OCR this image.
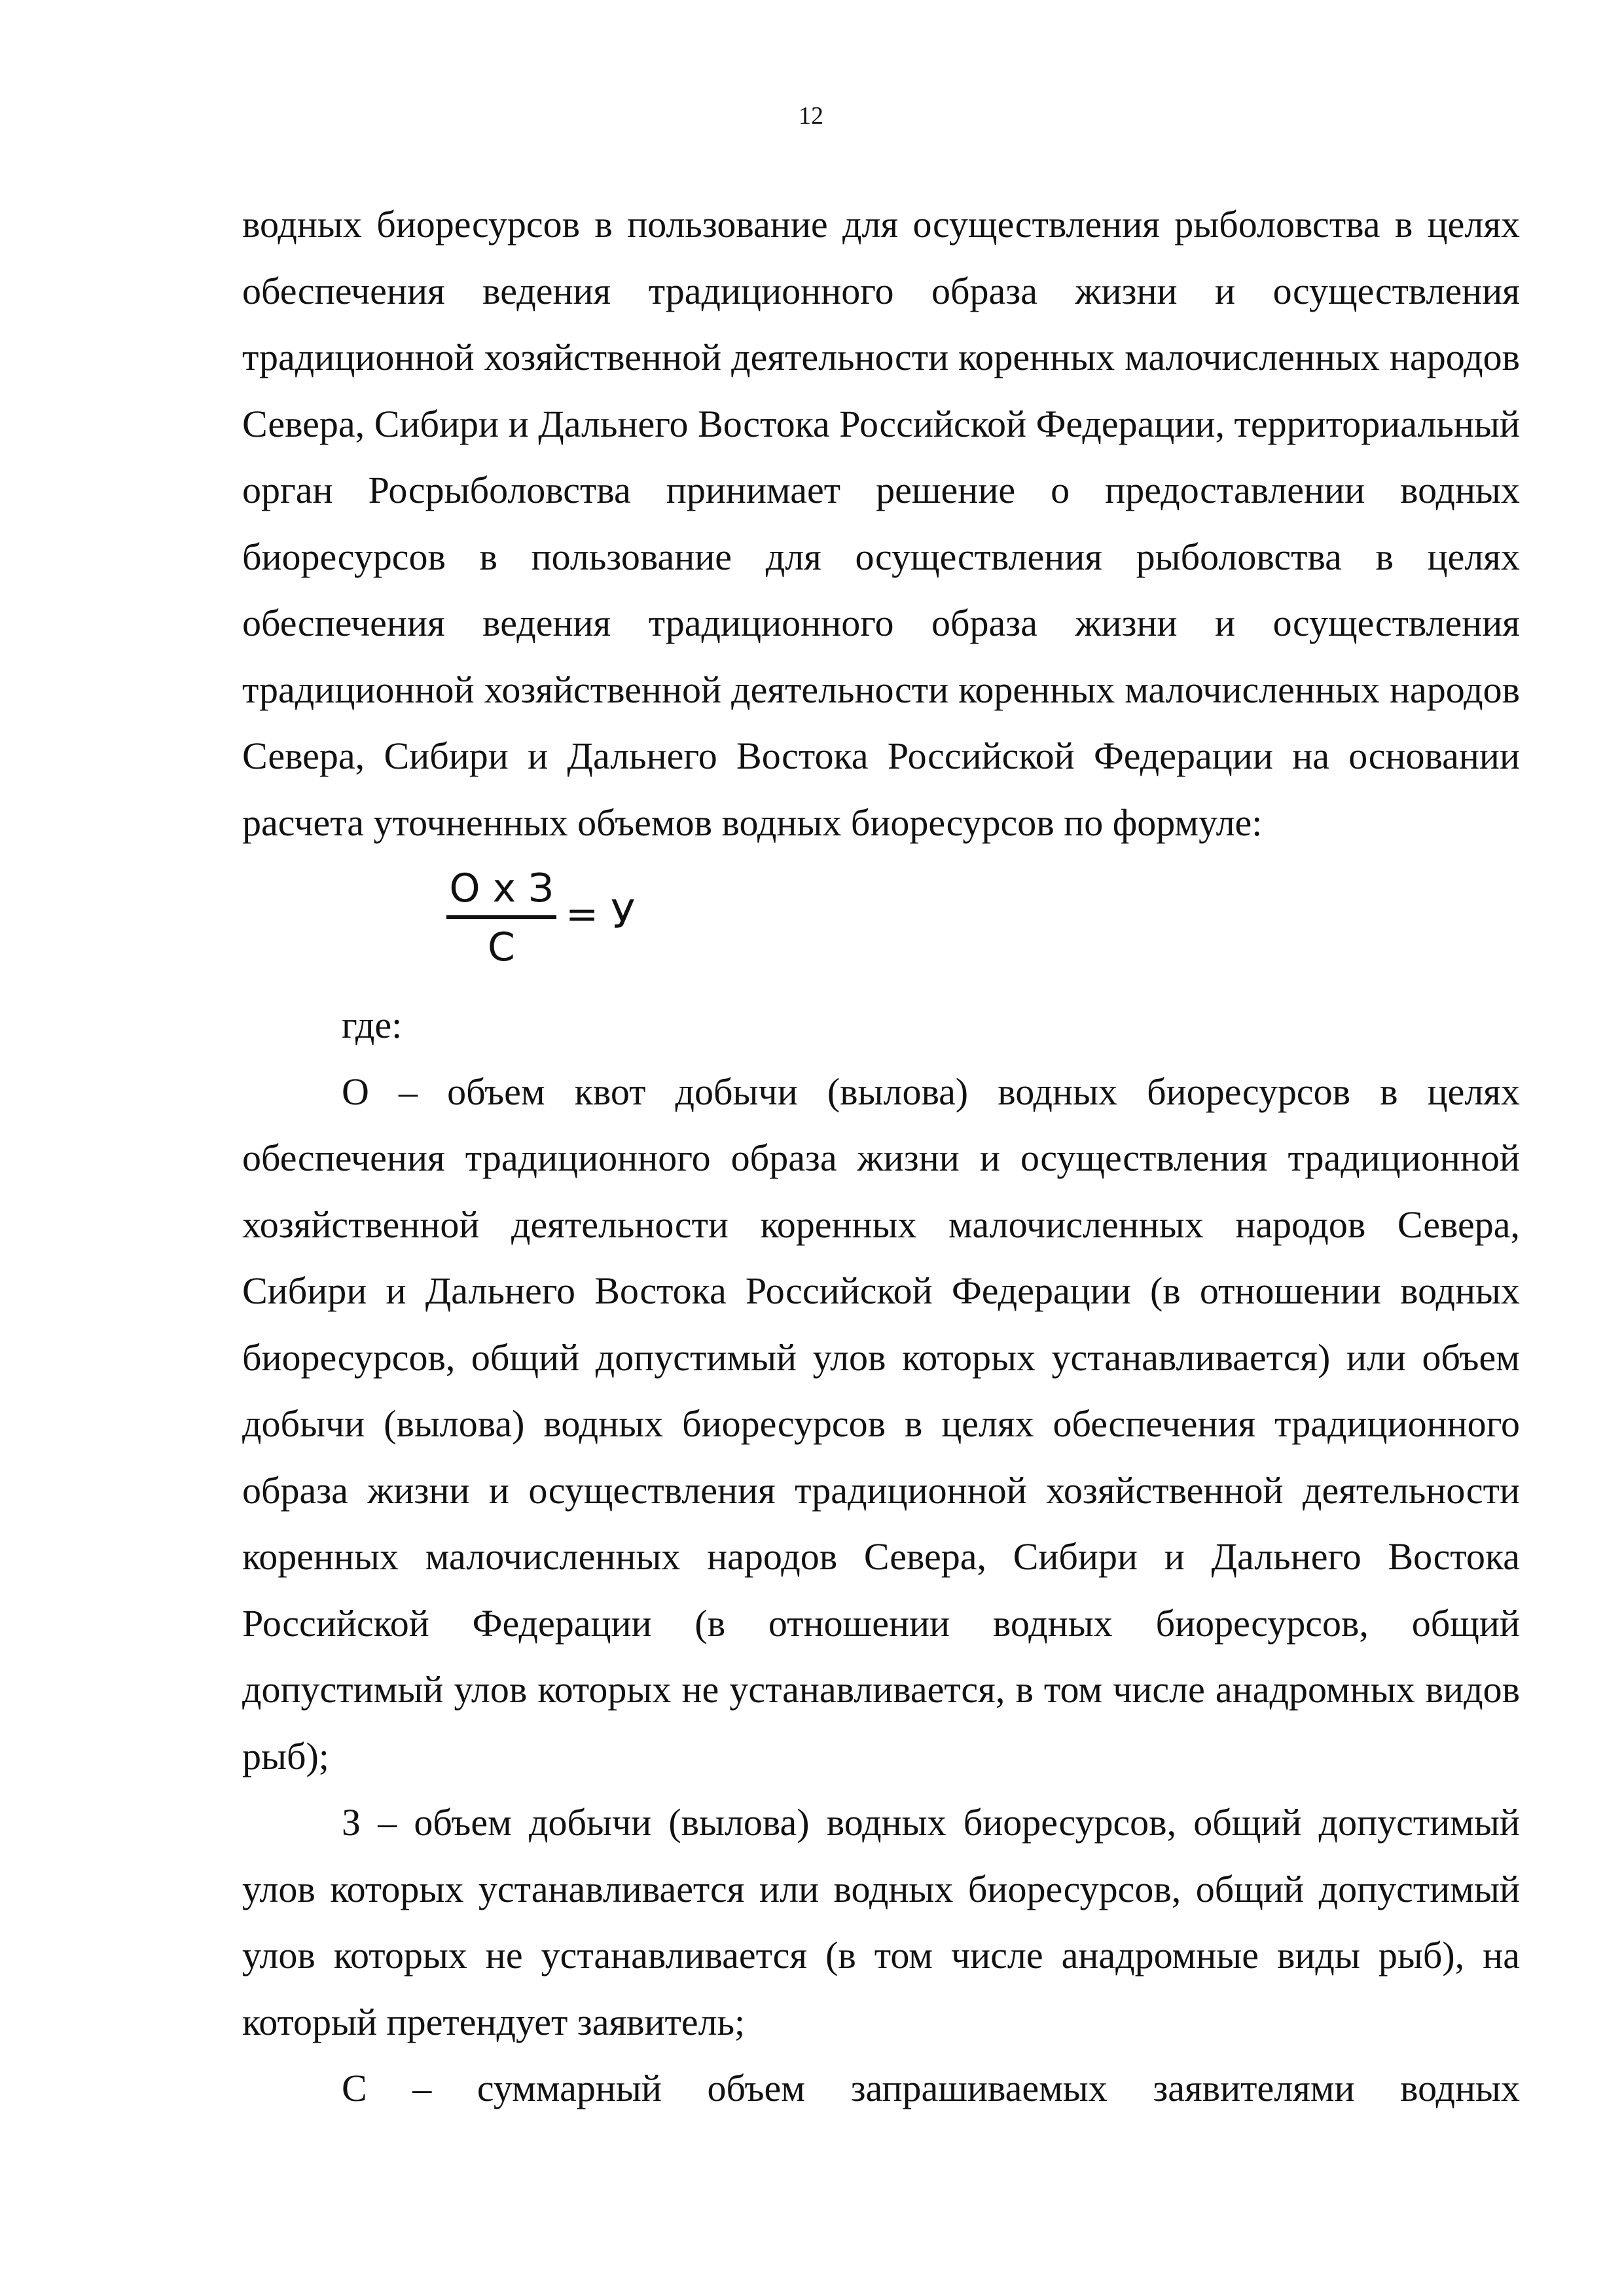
12

водных биоресурсов в пользование для осуществления рыболовства в целях обеспечения ведения традиционного образа жизни и осуществления традиционной хозяйственной деятельности коренных малочисленных народов Севера, Сибири и Дальнего Востока Российской Федерации, территориальный орган Росрыболовства принимает решение о предоставлении водных биоресурсов в пользование для осуществления рыболовства в целях обеспечения ведения традиционного образа жизни и осуществления традиционной хозяйственной деятельности коренных малочисленных народов Севера, Сибири и Дальнего Востока Российской Федерации на основании расчета уточненных объемов водных биоресурсов по формуле:

О х З
С
= У

где:

О – объем квот добычи (вылова) водных биоресурсов в целях обеспечения традиционного образа жизни и осуществления традиционной хозяйственной деятельности коренных малочисленных народов Севера, Сибири и Дальнего Востока Российской Федерации (в отношении водных биоресурсов, общий допустимый улов которых устанавливается) или объем добычи (вылова) водных биоресурсов в целях обеспечения традиционного образа жизни и осуществления традиционной хозяйственной деятельности коренных малочисленных народов Севера, Сибири и Дальнего Востока Российской Федерации (в отношении водных биоресурсов, общий допустимый улов которых не устанавливается, в том числе анадромных видов рыб);

З – объем добычи (вылова) водных биоресурсов, общий допустимый улов которых устанавливается или водных биоресурсов, общий допустимый улов которых не устанавливается (в том числе анадромные виды рыб), на который претендует заявитель;

С – суммарный объем запрашиваемых заявителями водных
